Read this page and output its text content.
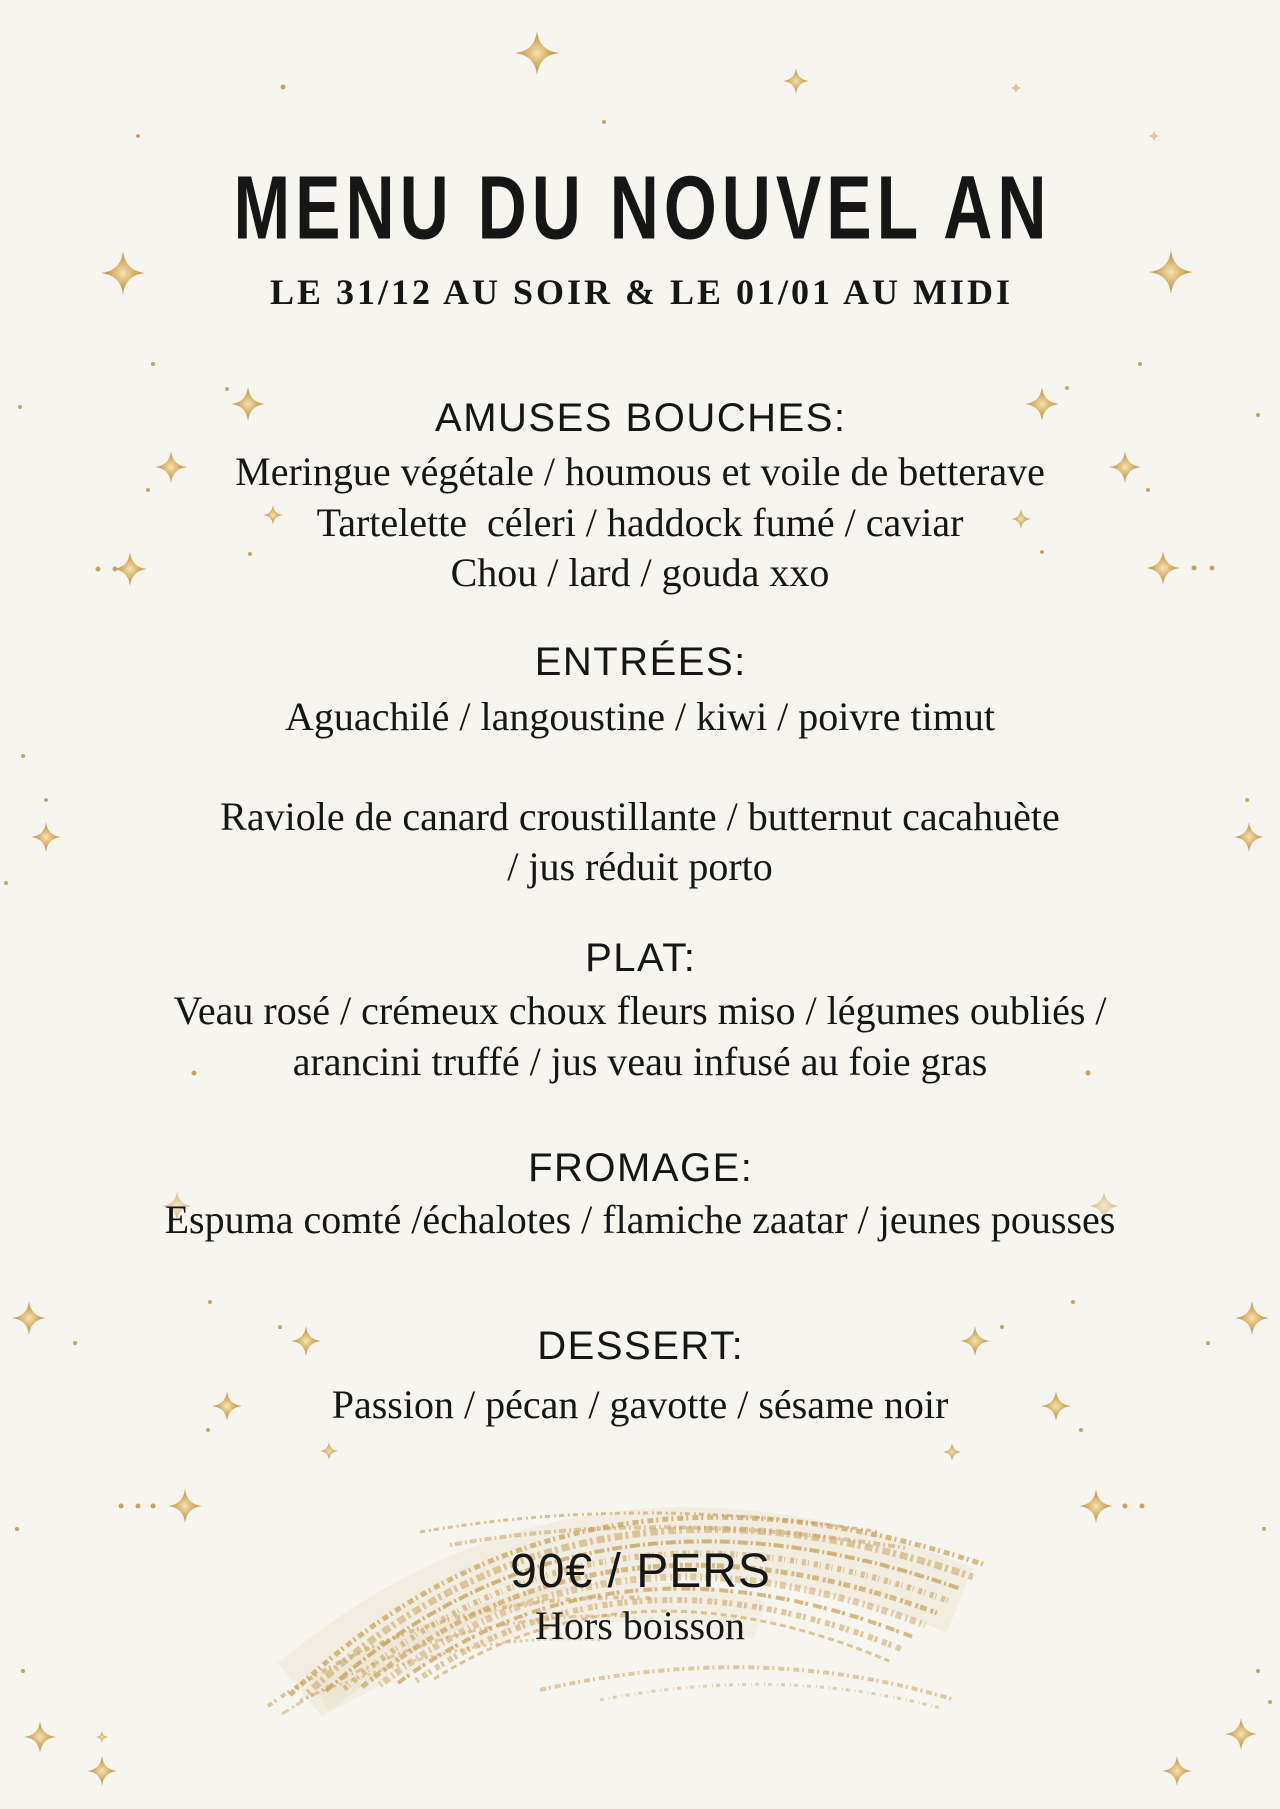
MENU DU NOUVEL AN
LE 31/12 AU SOIR & LE 01/01 AU MIDI
AMUSES BOUCHES:

Meringue végétale / houmous et voile de betterave

Tartelette  céleri / haddock fumé / caviar

Chou / lard / gouda xxo

ENTRÉES:

Aguachilé / langoustine / kiwi / poivre timut

Raviole de canard croustillante / butternut cacahuète

/ jus réduit porto

PLAT:

Veau rosé / crémeux choux fleurs miso / légumes oubliés /

arancini truffé / jus veau infusé au foie gras

FROMAGE:

Espuma comté /échalotes / flamiche zaatar / jeunes pousses

DESSERT:

Passion / pécan / gavotte / sésame noir

90€ / PERS
Hors boisson
